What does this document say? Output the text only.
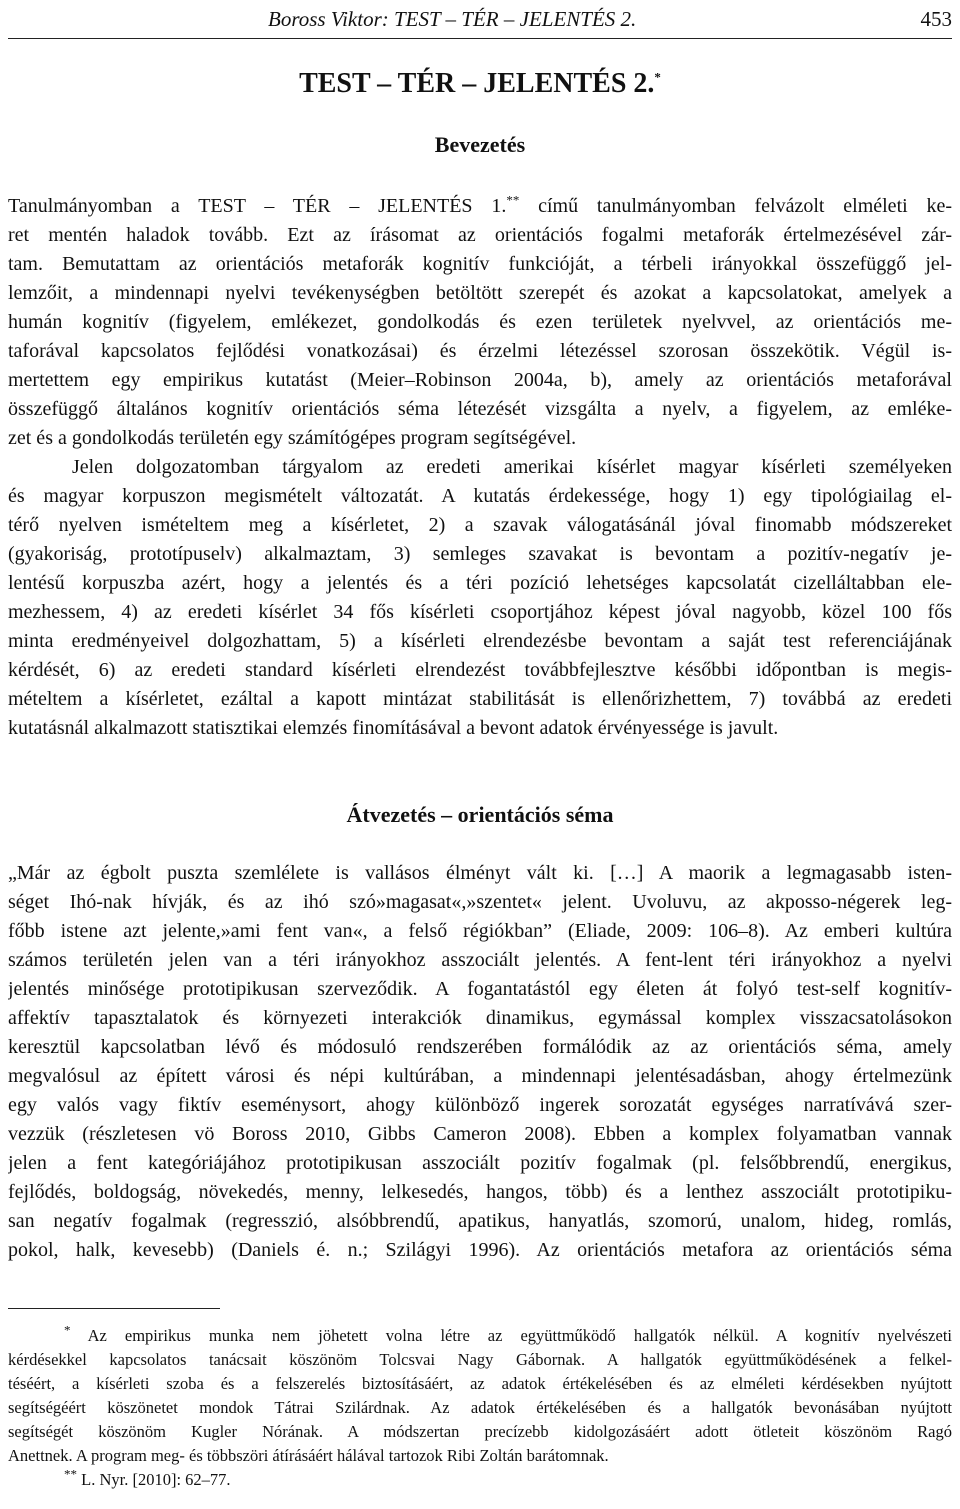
Boross Viktor: TEST – TÉR – JELENTÉS 2.	453
TEST – TÉR – JELENTÉS 2.*
Bevezetés
Tanulmányomban a TEST – TÉR – JELENTÉS 1.** című tanulmányomban felvázolt elméleti ke-
ret mentén haladok tovább. Ezt az írásomat az orientációs fogalmi metaforák értelmezésével zár-
tam. Bemutattam az orientációs metaforák kognitív funkcióját, a térbeli irányokkal összefüggő jel-
lemzőit, a mindennapi nyelvi tevékenységben betöltött szerepét és azokat a kapcsolatokat, amelyek a
humán kognitív (figyelem, emlékezet, gondolkodás és ezen területek nyelvvel, az orientációs me-
taforával kapcsolatos fejlődési vonatkozásai) és érzelmi létezéssel szorosan összekötik. Végül is-
mertettem egy empirikus kutatást (Meier–Robinson 2004a, b), amely az orientációs metaforával
összefüggő általános kognitív orientációs séma létezését vizsgálta a nyelv, a figyelem, az emléke-
zet és a gondolkodás területén egy számítógépes program segítségével.
Jelen dolgozatomban tárgyalom az eredeti amerikai kísérlet magyar kísérleti személyeken
és magyar korpuszon megismételt változatát. A kutatás érdekessége, hogy 1) egy tipológiailag el-
térő nyelven ismételtem meg a kísérletet, 2) a szavak válogatásánál jóval finomabb módszereket
(gyakoriság, prototípuselv) alkalmaztam, 3) semleges szavakat is bevontam a pozitív-negatív je-
lentésű korpuszba azért, hogy a jelentés és a téri pozíció lehetséges kapcsolatát cizelláltabban ele-
mezhessem, 4) az eredeti kísérlet 34 fős kísérleti csoportjához képest jóval nagyobb, közel 100 fős
minta eredményeivel dolgozhattam, 5) a kísérleti elrendezésbe bevontam a saját test referenciájának
kérdését, 6) az eredeti standard kísérleti elrendezést továbbfejlesztve későbbi időpontban is megis-
mételtem a kísérletet, ezáltal a kapott mintázat stabilitását is ellenőrizhettem, 7) továbbá az eredeti
kutatásnál alkalmazott statisztikai elemzés finomításával a bevont adatok érvényessége is javult.
Átvezetés – orientációs séma
„Már az égbolt puszta szemlélete is vallásos élményt vált ki. […] A maorik a legmagasabb isten-
séget Ihó-nak hívják, és az ihó szó»magasat«,»szentet« jelent. Uvoluvu, az akposso-négerek leg-
főbb istene azt jelente,»ami fent van«, a felső régiókban” (Eliade, 2009: 106–8). Az emberi kultúra
számos területén jelen van a téri irányokhoz asszociált jelentés. A fent-lent téri irányokhoz a nyelvi
jelentés minősége prototipikusan szerveződik. A fogantatástól egy életen át folyó test-self kognitív-
affektív tapasztalatok és környezeti interakciók dinamikus, egymással komplex visszacsatolásokon
keresztül kapcsolatban lévő és módosuló rendszerében formálódik az az orientációs séma, amely
megvalósul az épített városi és népi kultúrában, a mindennapi jelentésadásban, ahogy értelmezünk
egy valós vagy fiktív eseménysort, ahogy különböző ingerek sorozatát egységes narratívává szer-
vezzük (részletesen vö Boross 2010, Gibbs Cameron 2008). Ebben a komplex folyamatban vannak
jelen a fent kategóriájához prototipikusan asszociált pozitív fogalmak (pl. felsőbbrendű, energikus,
fejlődés, boldogság, növekedés, menny, lelkesedés, hangos, több) és a lenthez asszociált prototipiku-
san negatív fogalmak (regresszió, alsóbbrendű, apatikus, hanyatlás, szomorú, unalom, hideg, romlás,
pokol, halk, kevesebb) (Daniels é. n.; Szilágyi 1996). Az orientációs metafora az orientációs séma
* Az empirikus munka nem jöhetett volna létre az együttműködő hallgatók nélkül. A kognitív nyelvészeti
kérdésekkel kapcsolatos tanácsait köszönöm Tolcsvai Nagy Gábornak. A hallgatók együttműködésének a felkel-
téséért, a kísérleti szoba és a felszerelés biztosításáért, az adatok értékelésében és az elméleti kérdésekben nyújtott
segítségéért köszönetet mondok Tátrai Szilárdnak. Az adatok értékelésében és a hallgatók bevonásában nyújtott
segítségét köszönöm Kugler Nórának. A módszertan precízebb kidolgozásáért adott ötleteit köszönöm Ragó
Anettnek. A program meg- és többszöri átírásáért hálával tartozok Ribi Zoltán barátomnak.
** L. Nyr. [2010]: 62–77.
